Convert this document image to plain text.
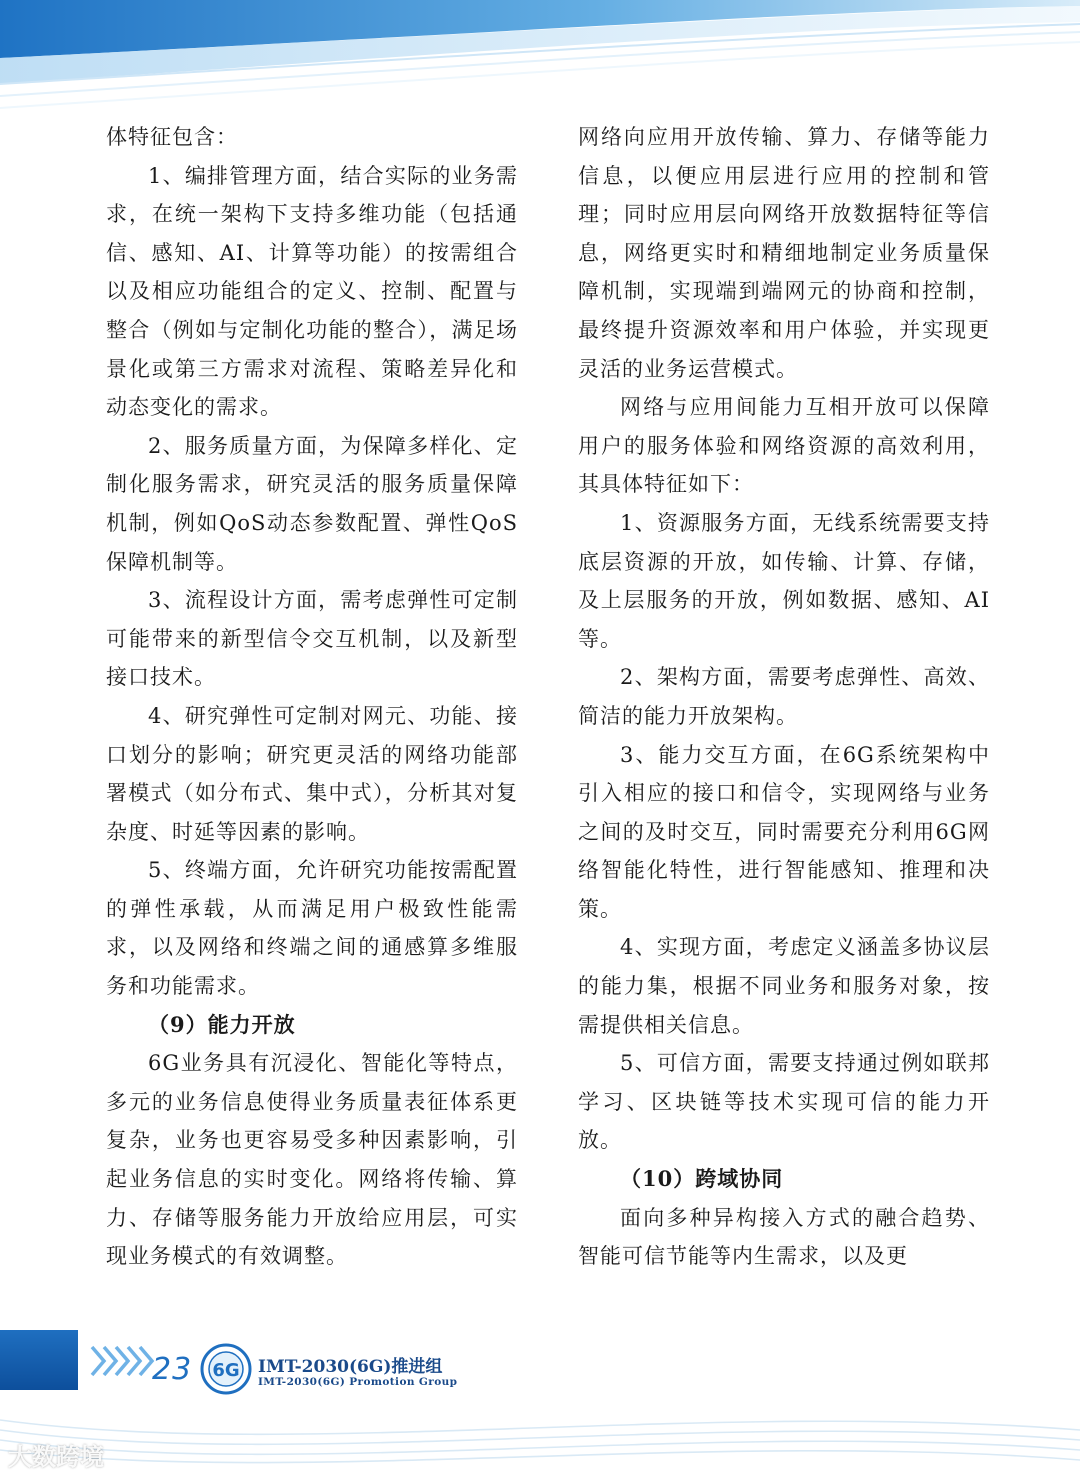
体特征包含：

1、编排管理方面，结合实际的业务需求，在统一架构下支持多维功能（包括通信、感知、AI、计算等功能）的按需组合以及相应功能组合的定义、控制、配置与整合（例如与定制化功能的整合），满足场景化或第三方需求对流程、策略差异化和动态变化的需求。

2、服务质量方面，为保障多样化、定制化服务需求，研究灵活的服务质量保障机制，例如QoS动态参数配置、弹性QoS保障机制等。

3、流程设计方面，需考虑弹性可定制可能带来的新型信令交互机制，以及新型接口技术。

4、研究弹性可定制对网元、功能、接口划分的影响；研究更灵活的网络功能部署模式（如分布式、集中式），分析其对复杂度、时延等因素的影响。

5、终端方面，允许研究功能按需配置的弹性承载，从而满足用户极致性能需求，以及网络和终端之间的通感算多维服务和功能需求。

（9）能力开放

6G业务具有沉浸化、智能化等特点，多元的业务信息使得业务质量表征体系更复杂，业务也更容易受多种因素影响，引起业务信息的实时变化。网络将传输、算力、存储等服务能力开放给应用层，可实现业务模式的有效调整。

网络向应用开放传输、算力、存储等能力信息，以便应用层进行应用的控制和管理；同时应用层向网络开放数据特征等信息，网络更实时和精细地制定业务质量保障机制，实现端到端网元的协商和控制，最终提升资源效率和用户体验，并实现更灵活的业务运营模式。

网络与应用间能力互相开放可以保障用户的服务体验和网络资源的高效利用，其具体特征如下：

1、资源服务方面，无线系统需要支持底层资源的开放，如传输、计算、存储，及上层服务的开放，例如数据、感知、AI等。

2、架构方面，需要考虑弹性、高效、简洁的能力开放架构。

3、能力交互方面，在6G系统架构中引入相应的接口和信令，实现网络与业务之间的及时交互，同时需要充分利用6G网络智能化特性，进行智能感知、推理和决策。

4、实现方面，考虑定义涵盖多协议层的能力集，根据不同业务和服务对象，按需提供相关信息。

5、可信方面，需要支持通过例如联邦学习、区块链等技术实现可信的能力开放。

（10）跨域协同

面向多种异构接入方式的融合趋势、智能可信节能等内生需求，以及更

23 6G IMT-2030(6G)推进组
IMT-2030(6G) Promotion Group
大数跨境
